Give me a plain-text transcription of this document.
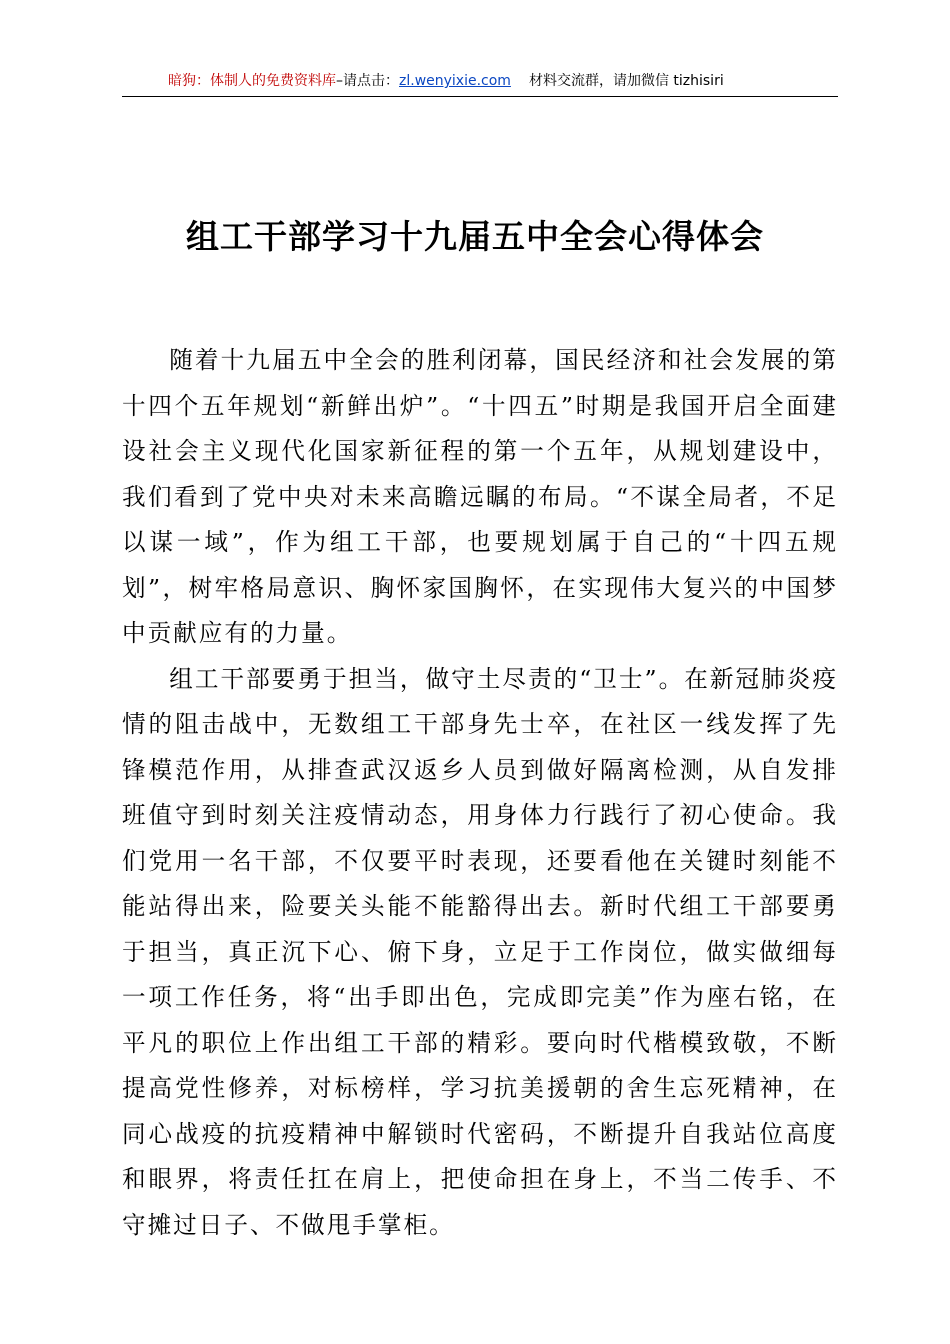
暗狗：体制人的免费资料库–请点击：zl.wenyixie.com 材料交流群，请加微信 tizhisiri
组工干部学习十九届五中全会心得体会

随着十九届五中全会的胜利闭幕，国民经济和社会发展的第十四个五年规划“新鲜出炉”。“十四五”时期是我国开启全面建设社会主义现代化国家新征程的第一个五年，从规划建设中，我们看到了党中央对未来高瞻远瞩的布局。“不谋全局者，不足以谋一域”，作为组工干部，也要规划属于自己的“十四五规划”，树牢格局意识、胸怀家国胸怀，在实现伟大复兴的中国梦中贡献应有的力量。

组工干部要勇于担当，做守土尽责的“卫士”。在新冠肺炎疫情的阻击战中，无数组工干部身先士卒，在社区一线发挥了先锋模范作用，从排查武汉返乡人员到做好隔离检测，从自发排班值守到时刻关注疫情动态，用身体力行践行了初心使命。我们党用一名干部，不仅要平时表现，还要看他在关键时刻能不能站得出来，险要关头能不能豁得出去。新时代组工干部要勇于担当，真正沉下心、俯下身，立足于工作岗位，做实做细每一项工作任务，将“出手即出色，完成即完美”作为座右铭，在平凡的职位上作出组工干部的精彩。要向时代楷模致敬，不断提高党性修养，对标榜样，学习抗美援朝的舍生忘死精神，在同心战疫的抗疫精神中解锁时代密码，不断提升自我站位高度和眼界，将责任扛在肩上，把使命担在身上，不当二传手、不守摊过日子、不做甩手掌柜。
